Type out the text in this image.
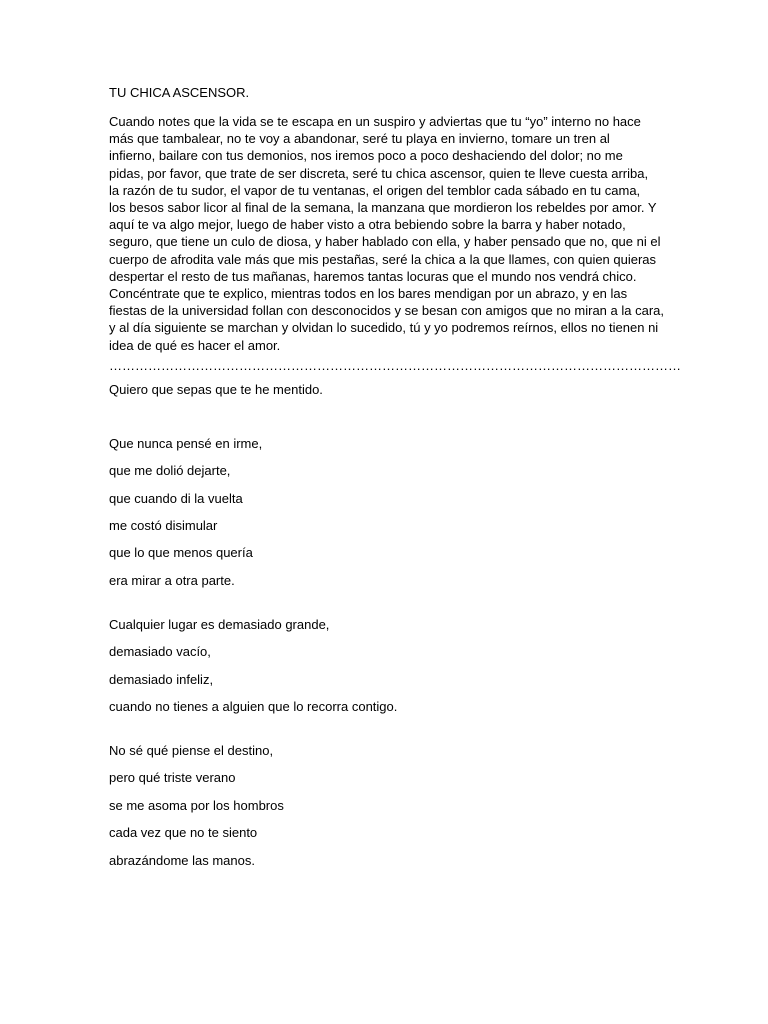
TU CHICA ASCENSOR.

Cuando notes que la vida se te escapa en un suspiro y adviertas que tu “yo” interno no hace
más que tambalear, no te voy a abandonar, seré tu playa en invierno, tomare un tren al
infierno, bailare con tus demonios, nos iremos poco a poco deshaciendo del dolor; no me
pidas, por favor, que trate de ser discreta, seré tu chica ascensor, quien te lleve cuesta arriba,
la razón de tu sudor, el vapor de tu ventanas, el origen del temblor cada sábado en tu cama,
los besos sabor licor al final de la semana, la manzana que mordieron los rebeldes por amor. Y
aquí te va algo mejor, luego de haber visto a otra bebiendo sobre la barra y haber notado,
seguro, que tiene un culo de diosa, y haber hablado con ella, y haber pensado que no, que ni el
cuerpo de afrodita vale más que mis pestañas, seré la chica a la que llames, con quien quieras
despertar el resto de tus mañanas, haremos tantas locuras que el mundo nos vendrá chico.
Concéntrate que te explico, mientras todos en los bares mendigan por un abrazo, y en las
fiestas de la universidad follan con desconocidos y se besan con amigos que no miran a la cara,
y al día siguiente se marchan y olvidan lo sucedido, tú y yo podremos reírnos, ellos no tienen ni
idea de qué es hacer el amor.

……………………………………………………………………………………………………………………

Quiero que sepas que te he mentido.

Que nunca pensé en irme,
que me dolió dejarte,
que cuando di la vuelta
me costó disimular
que lo que menos quería
era mirar a otra parte.
Cualquier lugar es demasiado grande,
demasiado vacío,
demasiado infeliz,
cuando no tienes a alguien que lo recorra contigo.
No sé qué piense el destino,
pero qué triste verano
se me asoma por los hombros
cada vez que no te siento
abrazándome las manos.
